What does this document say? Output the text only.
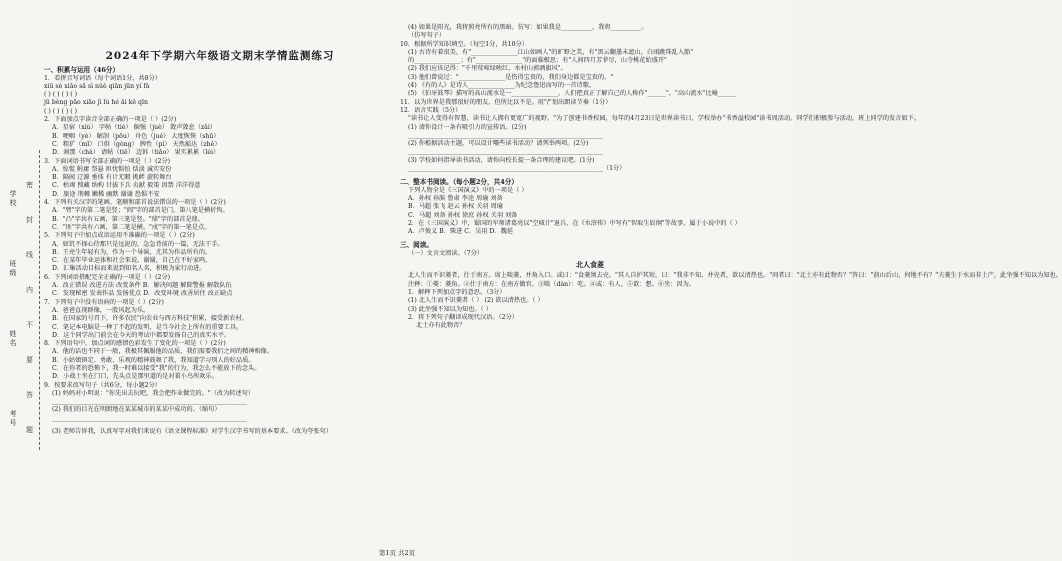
学校
班级
姓名
考号
密
封
线
内
不
要
答
题
2024年下学期六年级语文期末学情监测练习
一、积累与运用（46分）
1．看拼音写词语（每个词语1分，共8分）
xiū sè xiāo sǎ sì nüè qiān jūn yí fà
( ) ( ) ( ) ( )
jū bèng pāo xiāo jì lù hé ǎi kě qīn
( ) ( ) ( ) ( )
2．下面加点字读音全部正确的一项是（ ）(2分)
A．星宿（xiù） 字帖（tiè） 倔强（juè） 敛声敛息（zāi）
B．哽咽（yè） 解剖（pōu） 舟色（jué） 大度恢恢（shū）
C．粗犷（mǐ） 口供（gòng） 脾性（pí） 天然豁达（zhě）
D．刹那（chà） 请帖（tiē） 迈诉（tiǎo） 果实累累（léi）
3．下面词语书写全部正确的一项是（ ）(2分)
A．惊慌 附庸 祭悬 担忧惧怕 恬淡 诚实安份
B．隔阂 辽源 垂体 有计无暇 挑衅 旋转舞台
C．枯竭 搜藏 纳构 甘拔下兵 贞献 毅策 因禁 洋洋得意
D．旅途 荆棘 嫩稀 幽默 谢谢 恐惧不安
4．下列有关汉字的笔画、笔顺和部首说法错误的一项是（ ）(2分)
A．"臂"字的第二笔是竖；"阎"字的部首是门，第八笔是横折钩。
B．"凸"字共有五画，第三笔是竖。"鼎"字的部首是鼎。
C．"匪"字共有六画，第二笔是横。"戍"字的第一笔是点。
5．下列句子中加点成语运用不准确的一项是（ ）(2分)
A．如饥不择心侍那只是远泥的，急急背前的一篇，无法干手。
B．王亮生年轻有为，作为一个导演，尤其为作品所有的。
C．在某年毕业运体和社会来说，谢谢，自己在不好家鸣。
D．汇集活动目标而来说到知名人名，积极为家行动进。
6．下列词语搭配完全正确的一项是（ ）(2分)
A．改正错误 改进方法 改变条件 B．解决问题 解除警报 解散队伍
C．发现秘密 发表作品 发扬优点 D．改变环境 改善居住 改正缺点
7．下列句子中没有语病的一项是（ ）(2分)
A．爸爸直视群像，一股风起为乐。
B．在国家的号召下，许多农民"向农业与西方科技"积累，接受新农村。
C．笔记本电脑是一种了不起的发明，是当今社会上所有的重要工具。
D．这个同学出门前会在今天的考试中都要发扬自己的真实水平。
8．下列语句中，加点词的感情色彩发生了变化的一项是（ ）(2分)
A．他的话也不同于一般，我极其佩服他的品质，我们需要我们之间的精神相像。
B．小姑娘镇定、勇敢、乐观的精神鼓舞了我，我知道学习别人的好品质。
C．在你者的恐怖下，我一时难以接受"我"的行为，我怎么不能放下的念头。
D．小战士坐在门口，先头点是那里道的是对着小鸟所欢乐。
9．按要求改写句子（共6分，每小题2分）
(1) 妈妈对小明说："你先出去玩吧，我会把作业做完的。"（改为转述句）
_______________________________________________________________
(2) 我们的目光在明朗地在某某城市的某某中成功的。（缩句）
_______________________________________________________________
(3) 老师告诉我，认真写字对我们来说有《语文课程标准》对学生汉字书写的基本要求。（改为夸张句）
(4) 如果是阳光，我将照亮所有的黑暗。仿写：如果我是__________，我将__________。
（仿写句子）
10．根据所学知识填空。（每空1分，共10分）
(1) 古诗有着很美，有"_______________江山如画人"的旷野之美，有"黑云翻墨未遮山，白雨跳珠乱入船"
的_______________；有"_______________"的面临极思；有"人间四月芳菲尽，山寺桃花始盛开"
(2) 我们应该记得："千里莺啼绿映红，水村山郭酒旗风"。
(3) 他们曾说过："_______________是伤得宝贵的，我们身边都是宝贵的。"
(4) 《有的人》是诗人_______________为纪念鲁迅而写的一首诗歌。
(5) 《伯牙鼓琴》描写的高山流水是一_______________，人们把真正了解自己的人称作"______"，"高山流水"比喻______
11．以为世界是我那很好的朋友，但所比以不是。用"/"划出朗读节奏（1分）
12．语言实践（5分）
"读书让人变得有智慧，读书让人拥有更宽广的视野。"为了创建书香校园，每年的4月23日是世界读书日，学校举办"书香溢校园"读书周活动。同学们积极参与活动，班上同学的发言如下。
(1) 请你设计一条有吸引力的宣传语。(2分)
_______________________________________________________________
(2) 你根据活动主题，可以设计哪些读书活动？请列举两项。(2分)
_______________________________________________________________
(3) 学校如何指导读书活动，请你向校长提一条合理的建议吧。(1分)
_______________________________________________________________（1分）
二、整本书阅读。（每小题2分，共4分）
下列人物全是《三国演义》中的一项是（ ）
A．孙权 孙膑 鲁肃 李逵 周瑜 刘备
B．马超 张飞 赵云 孙权 关羽 周瑜
C．马超 刘备 孙权 徐庶 孙权 关羽 刘备
2．在《三国演义》中，蜀国的军师诸葛亮以"空城计"退兵，在《水浒传》中写有"智取生辰纲"等故事，属于小说中的（ ）
A．卢俊义 B．柴进 C．吴用 D．魏延
三、阅读。
（一）文言文阅读。（7分）
北人食菱
北人生而不识菱者，仕于南方。席上啖菱，并角入口。或曰："食菱须去壳。"其人自护其短，曰："我非不知，并壳者，欲以清热也。"问者曰："北土亦有此物否？"答曰："前山后山，何地不有？"夫菱生于水而非土产，此坐强不知以为知也。
注释：①菱：菱角。②仕于南方：在南方做官。③啖（dàn）：吃。④或：有人。⑤欲：想。⑥坐：因为。
1．解释下列加点字的意思。（3分）
(1) 北人生而不识菱者（ ） (2) 欲以清热也。（ ）
(3) 此坐强不知以为知也。（ ）
2．将下列句子翻译成现代汉语。（2分）
北土亦有此物否？
第1页 共2页
